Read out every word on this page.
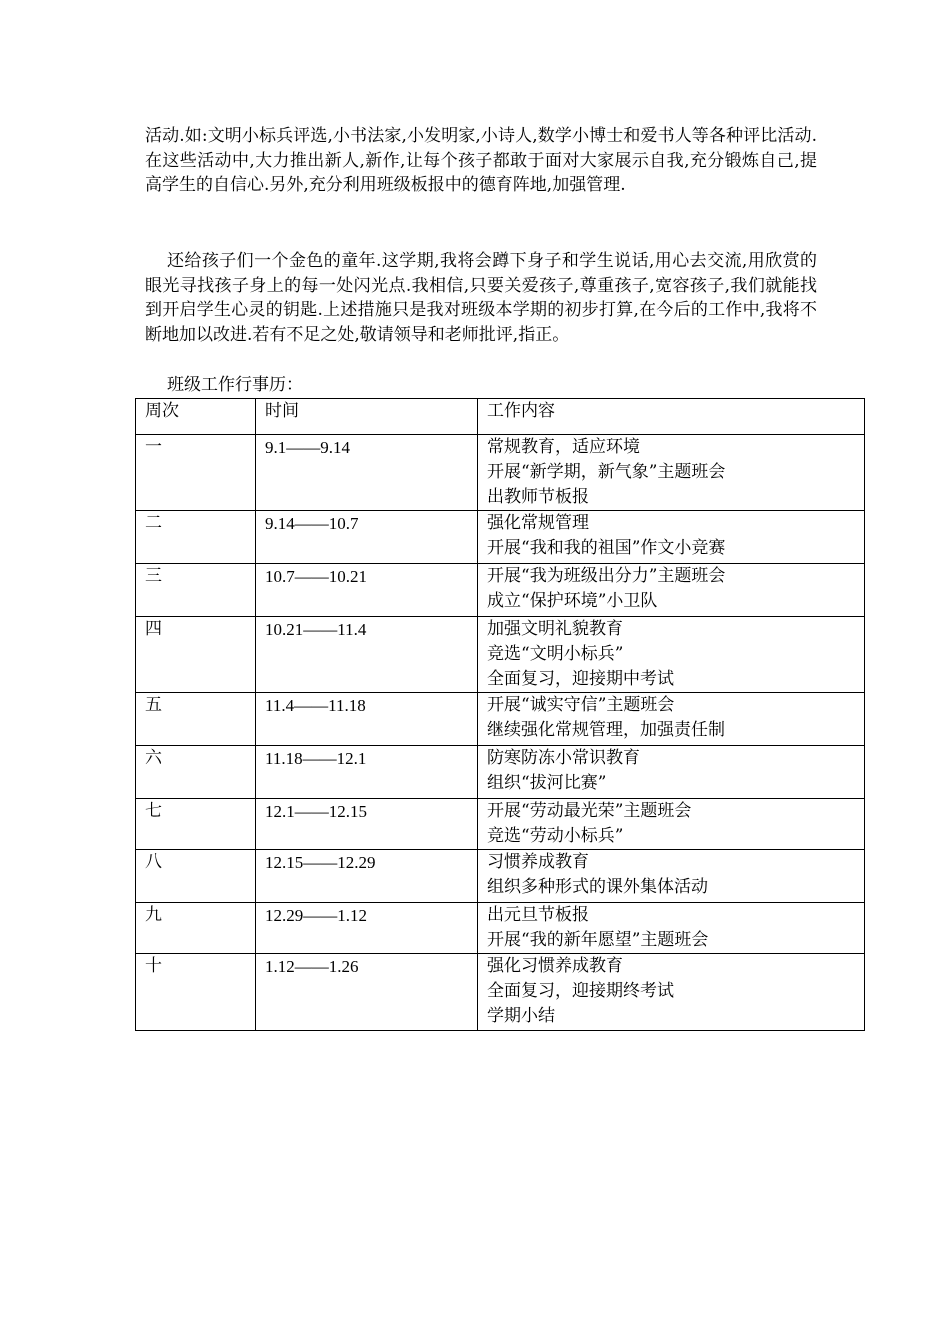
活动.如:文明小标兵评选,小书法家,小发明家,小诗人,数学小博士和爱书人等各种评比活动.在这些活动中,大力推出新人,新作,让每个孩子都敢于面对大家展示自我,充分锻炼自己,提高学生的自信心.另外,充分利用班级板报中的德育阵地,加强管理.

还给孩子们一个金色的童年.这学期,我将会蹲下身子和学生说话,用心去交流,用欣赏的眼光寻找孩子身上的每一处闪光点.我相信,只要关爱孩子,尊重孩子,宽容孩子,我们就能找到开启学生心灵的钥匙.上述措施只是我对班级本学期的初步打算,在今后的工作中,我将不断地加以改进.若有不足之处,敬请领导和老师批评,指正。

班级工作行事历：

周次	时间	工作内容
一	9.1——9.14	常规教育，适应环境
开展“新学期，新气象”主题班会
出教师节板报

二	9.14——10.7	强化常规管理
开展“我和我的祖国”作文小竞赛

三	10.7——10.21	开展“我为班级出分力”主题班会
成立“保护环境”小卫队

四	10.21——11.4	加强文明礼貌教育
竞选“文明小标兵”
全面复习，迎接期中考试

五	11.4——11.18	开展“诚实守信”主题班会
继续强化常规管理，加强责任制

六	11.18——12.1	防寒防冻小常识教育
组织“拔河比赛”

七	12.1——12.15	开展“劳动最光荣”主题班会
竞选“劳动小标兵”

八	12.15——12.29	习惯养成教育
组织多种形式的课外集体活动

九	12.29——1.12	出元旦节板报
开展“我的新年愿望”主题班会

十	1.12——1.26	强化习惯养成教育
全面复习，迎接期终考试
学期小结
